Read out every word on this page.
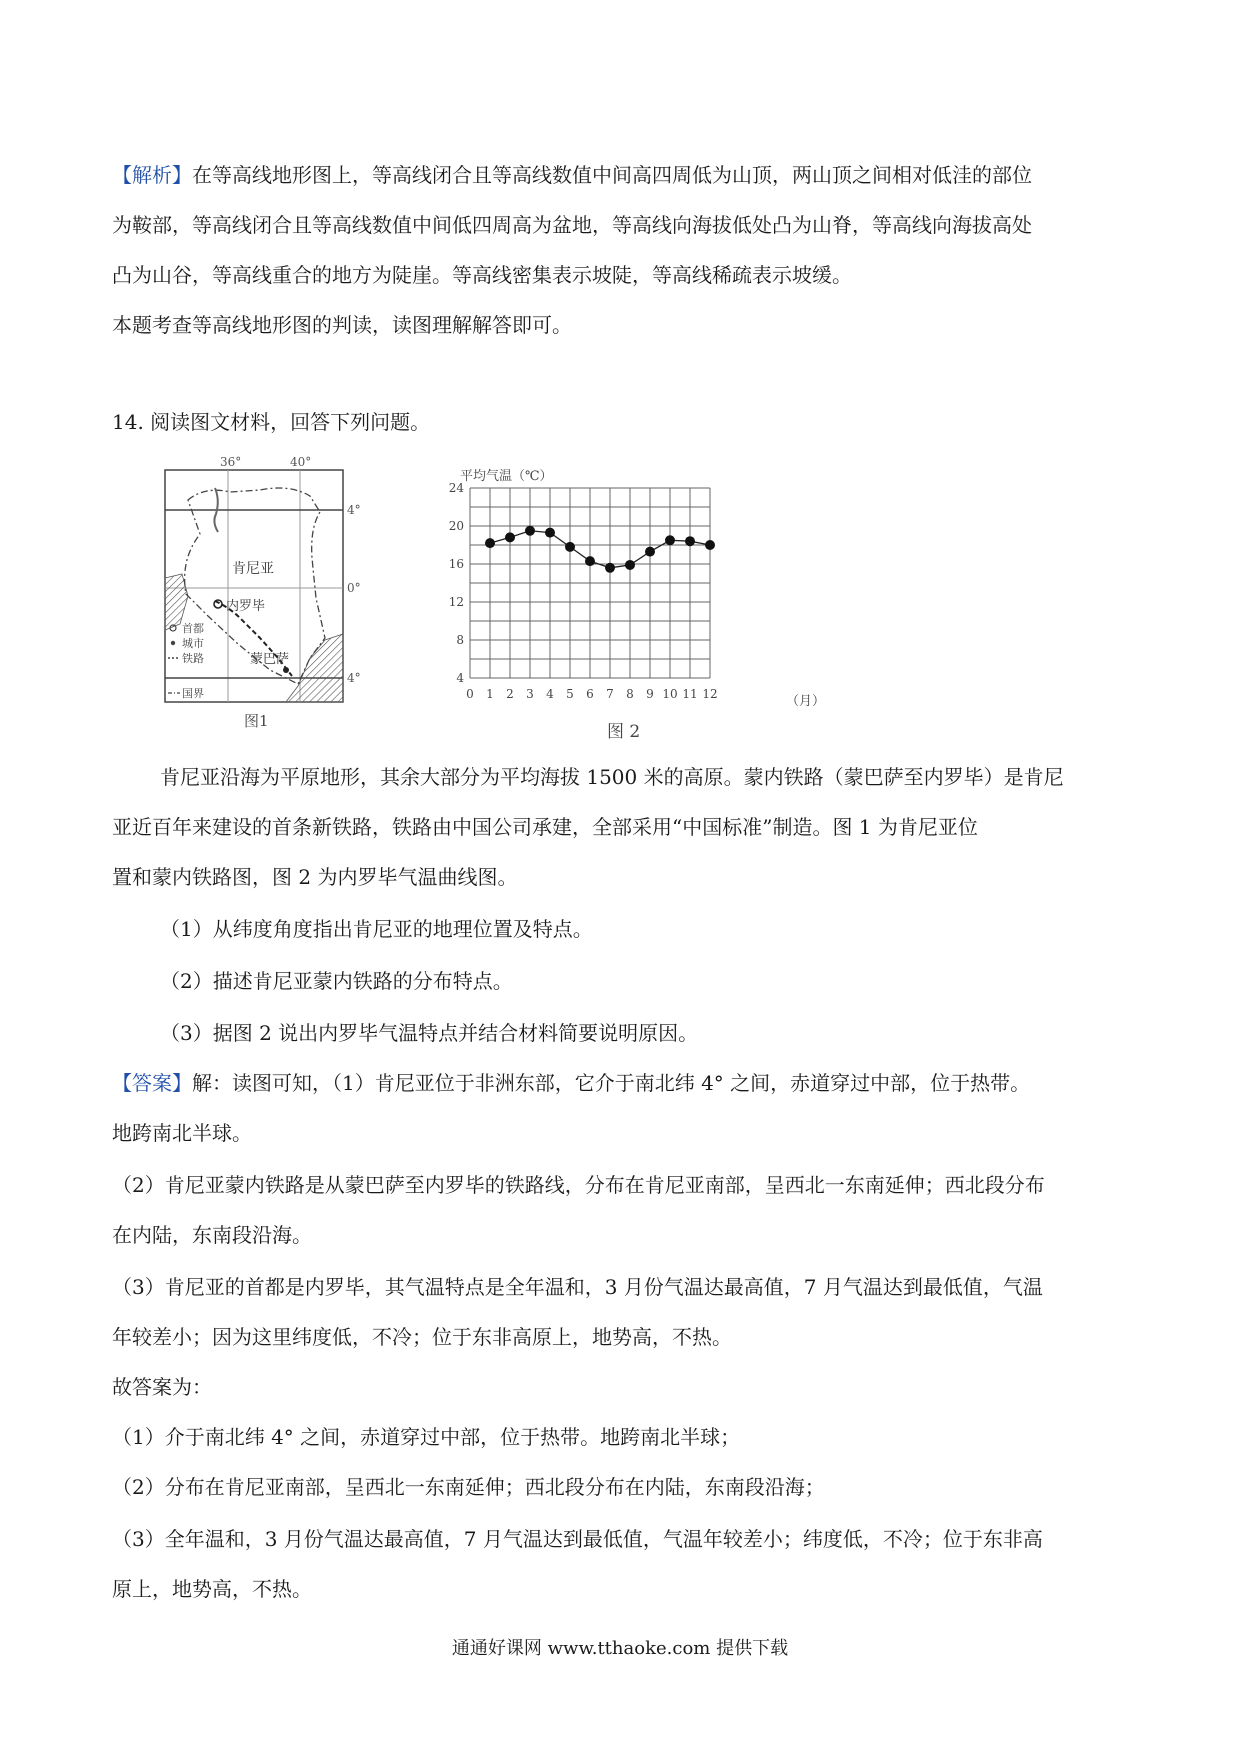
【解析】在等高线地形图上，等高线闭合且等高线数值中间高四周低为山顶，两山顶之间相对低洼的部位

为鞍部，等高线闭合且等高线数值中间低四周高为盆地，等高线向海拔低处凸为山脊，等高线向海拔高处

凸为山谷，等高线重合的地方为陡崖。等高线密集表示坡陡，等高线稀疏表示坡缓。

本题考查等高线地形图的判读，读图理解解答即可。

14. 阅读图文材料，回答下列问题。

36°	40°
4°
0°
4°
肯尼亚
内罗毕
蒙巴萨
首都
城市
铁路
国界
图1
平均气温（℃）
（月）
图 2
4
8
12
16
20
24
0 1 2 3 4 5 6 7 8 9 10 11 12

肯尼亚沿海为平原地形，其余大部分为平均海拔 1500 米的高原。蒙内铁路（蒙巴萨至内罗毕）是肯尼

亚近百年来建设的首条新铁路，铁路由中国公司承建，全部采用“中国标准”制造。图 1 为肯尼亚位

置和蒙内铁路图，图 2 为内罗毕气温曲线图。

（1）从纬度角度指出肯尼亚的地理位置及特点。

（2）描述肯尼亚蒙内铁路的分布特点。

（3）据图 2 说出内罗毕气温特点并结合材料简要说明原因。

【答案】解：读图可知，（1）肯尼亚位于非洲东部，它介于南北纬 4° 之间，赤道穿过中部，位于热带。

地跨南北半球。

（2）肯尼亚蒙内铁路是从蒙巴萨至内罗毕的铁路线，分布在肯尼亚南部，呈西北一东南延伸；西北段分布

在内陆，东南段沿海。

（3）肯尼亚的首都是内罗毕，其气温特点是全年温和，3 月份气温达最高值，7 月气温达到最低值，气温

年较差小；因为这里纬度低，不冷；位于东非高原上，地势高，不热。

故答案为：

（1）介于南北纬 4° 之间，赤道穿过中部，位于热带。地跨南北半球；

（2）分布在肯尼亚南部，呈西北一东南延伸；西北段分布在内陆，东南段沿海；

（3）全年温和，3 月份气温达最高值，7 月气温达到最低值，气温年较差小；纬度低，不冷；位于东非高

原上，地势高，不热。

通通好课网 www.tthaoke.com 提供下载
